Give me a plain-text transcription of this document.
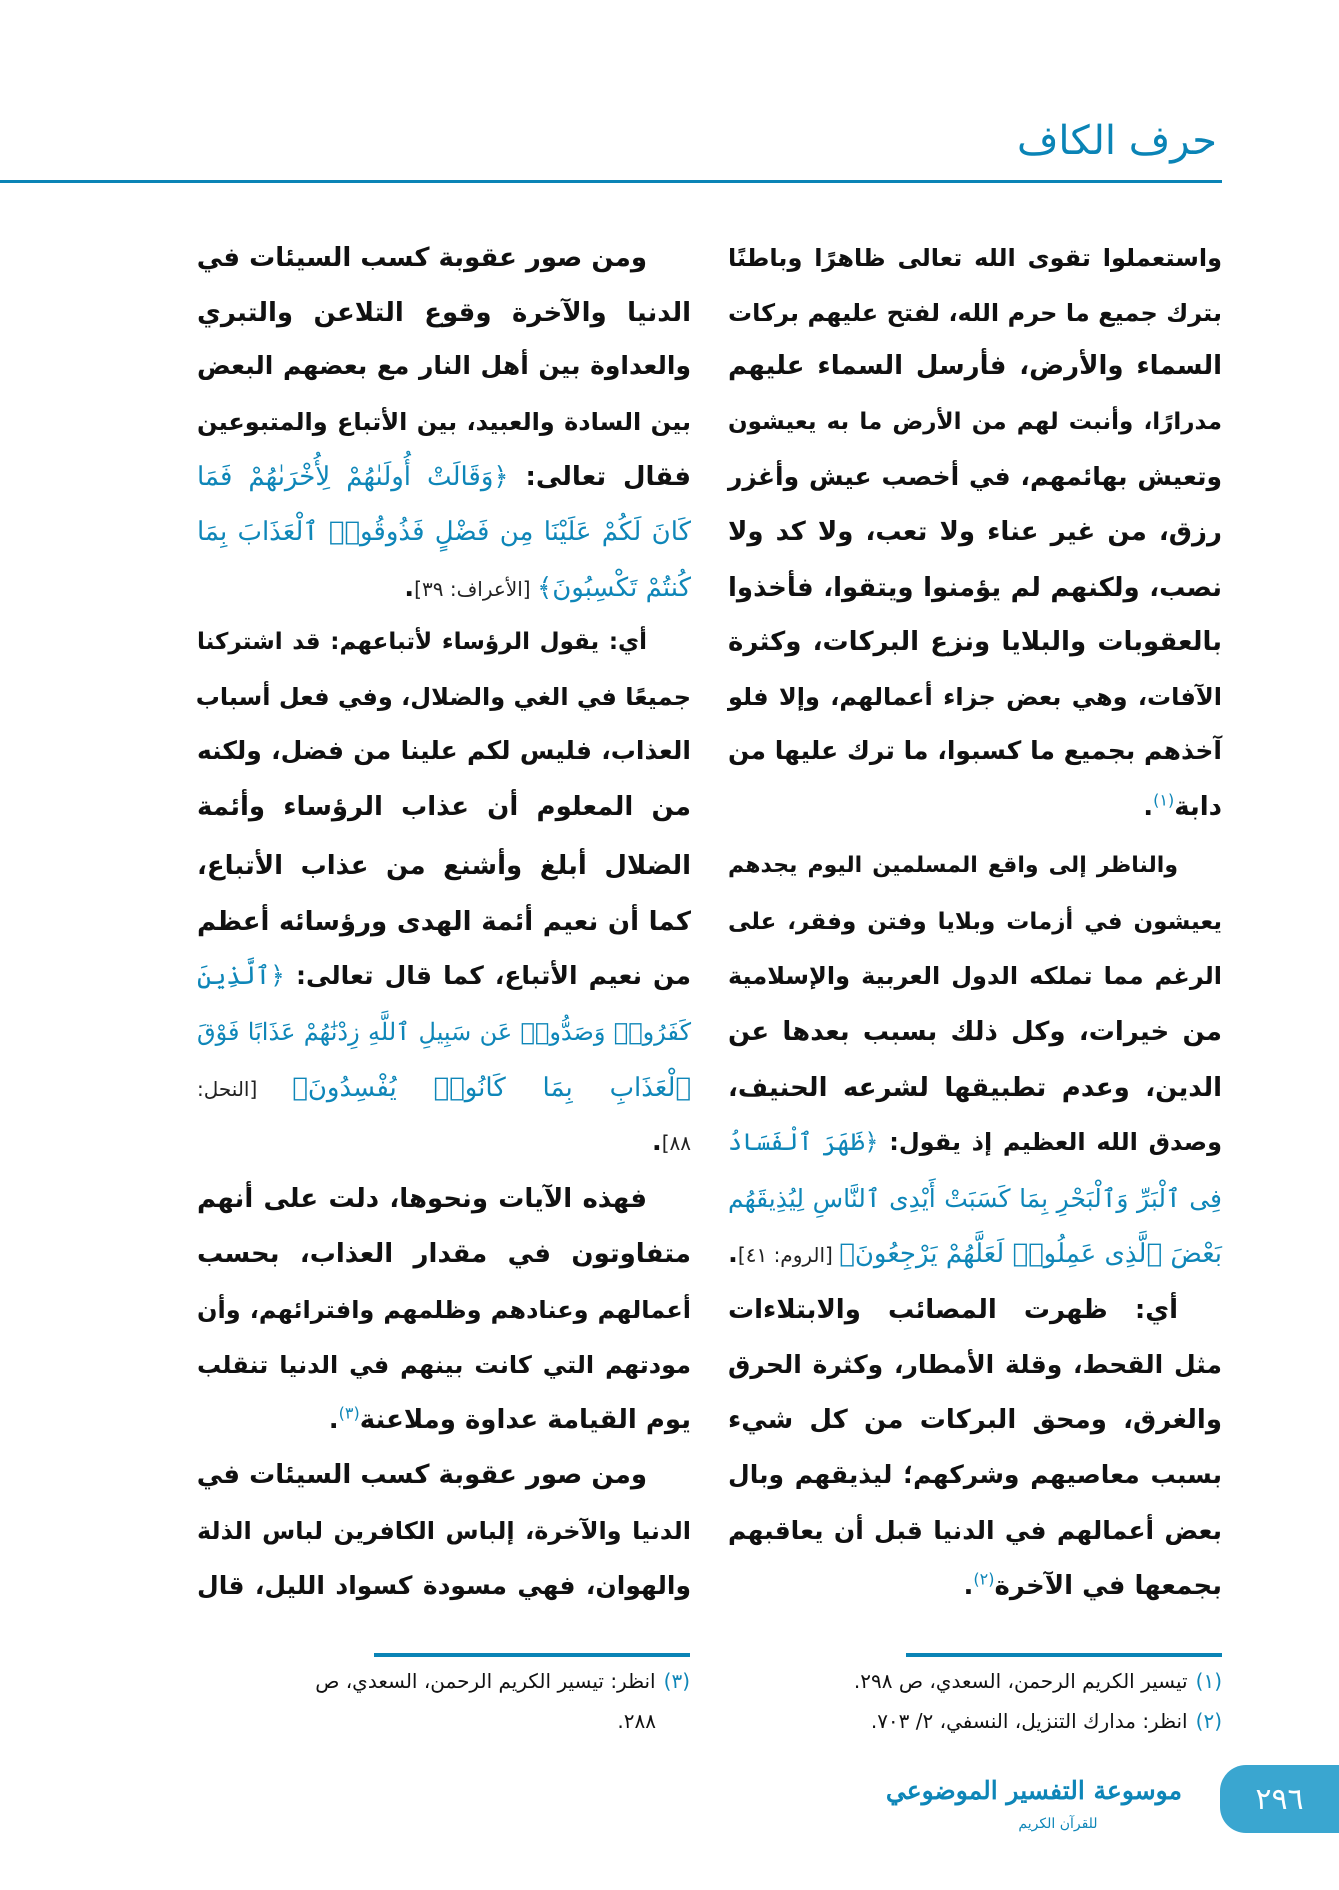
حرف الكاف
واستعملوا تقوى الله تعالى ظاهرًا وباطنًا
بترك جميع ما حرم الله، لفتح عليهم بركات
السماء والأرض، فأرسل السماء عليهم
مدرارًا، وأنبت لهم من الأرض ما به يعيشون
وتعيش بهائمهم، في أخصب عيش وأغزر
رزق، من غير عناء ولا تعب، ولا كد ولا
نصب، ولكنهم لم يؤمنوا ويتقوا، فأخذوا
بالعقوبات والبلايا ونزع البركات، وكثرة
الآفات، وهي بعض جزاء أعمالهم، وإلا فلو
آخذهم بجميع ما كسبوا، ما ترك عليها من
دابة$^{(١)}$.
والناظر إلى واقع المسلمين اليوم يجدهم
يعيشون في أزمات وبلايا وفتن وفقر، على
الرغم مما تملكه الدول العربية والإسلامية
من خيرات، وكل ذلك بسبب بعدها عن
الدين، وعدم تطبيقها لشرعه الحنيف،
وصدق الله العظيم إذ يقول: ﴿ظَهَرَ ٱلْفَسَادُ
فِى ٱلْبَرِّ وَٱلْبَحْرِ بِمَا كَسَبَتْ أَيْدِى ٱلنَّاسِ لِيُذِيقَهُم
بَعْضَ ٱلَّذِى عَمِلُوا۟ لَعَلَّهُمْ يَرْجِعُونَ﴾ [الروم: ٤١].
أي: ظهرت المصائب والابتلاءات
مثل القحط، وقلة الأمطار، وكثرة الحرق
والغرق، ومحق البركات من كل شيء
بسبب معاصيهم وشركهم؛ ليذيقهم وبال
بعض أعمالهم في الدنيا قبل أن يعاقبهم
بجمعها في الآخرة$^{(٢)}$.
ومن صور عقوبة كسب السيئات في
الدنيا والآخرة وقوع التلاعن والتبري
والعداوة بين أهل النار مع بعضهم البعض
بين السادة والعبيد، بين الأتباع والمتبوعين
فقال تعالى: ﴿وَقَالَتْ أُولَىٰهُمْ لِأُخْرَىٰهُمْ فَمَا
كَانَ لَكُمْ عَلَيْنَا مِن فَضْلٍ فَذُوقُوا۟ ٱلْعَذَابَ بِمَا
كُنتُمْ تَكْسِبُونَ﴾ [الأعراف: ٣٩].
أي: يقول الرؤساء لأتباعهم: قد اشتركنا
جميعًا في الغي والضلال، وفي فعل أسباب
العذاب، فليس لكم علينا من فضل، ولكنه
من المعلوم أن عذاب الرؤساء وأئمة
الضلال أبلغ وأشنع من عذاب الأتباع،
كما أن نعيم أئمة الهدى ورؤسائه أعظم
من نعيم الأتباع، كما قال تعالى: ﴿ٱلَّذِينَ
كَفَرُوا۟ وَصَدُّوا۟ عَن سَبِيلِ ٱللَّهِ زِدْنَٰهُمْ عَذَابًا فَوْقَ
ٱلْعَذَابِ بِمَا كَانُوا۟ يُفْسِدُونَ﴾ [النحل:
٨٨].
فهذه الآيات ونحوها، دلت على أنهم
متفاوتون في مقدار العذاب، بحسب
أعمالهم وعنادهم وظلمهم وافترائهم، وأن
مودتهم التي كانت بينهم في الدنيا تنقلب
يوم القيامة عداوة وملاعنة$^{(٣)}$.
ومن صور عقوبة كسب السيئات في
الدنيا والآخرة، إلباس الكافرين لباس الذلة
والهوان، فهي مسودة كسواد الليل، قال
(١)تيسير الكريم الرحمن، السعدي، ص ٢٩٨.
(٢)انظر: مدارك التنزيل، النسفي، ٢/ ٧٠٣.
(٣)انظر: تيسير الكريم الرحمن، السعدي، ص
٢٨٨.
موسوعة التفسير الموضوعي
للقرآن الكريم
٢٩٦
